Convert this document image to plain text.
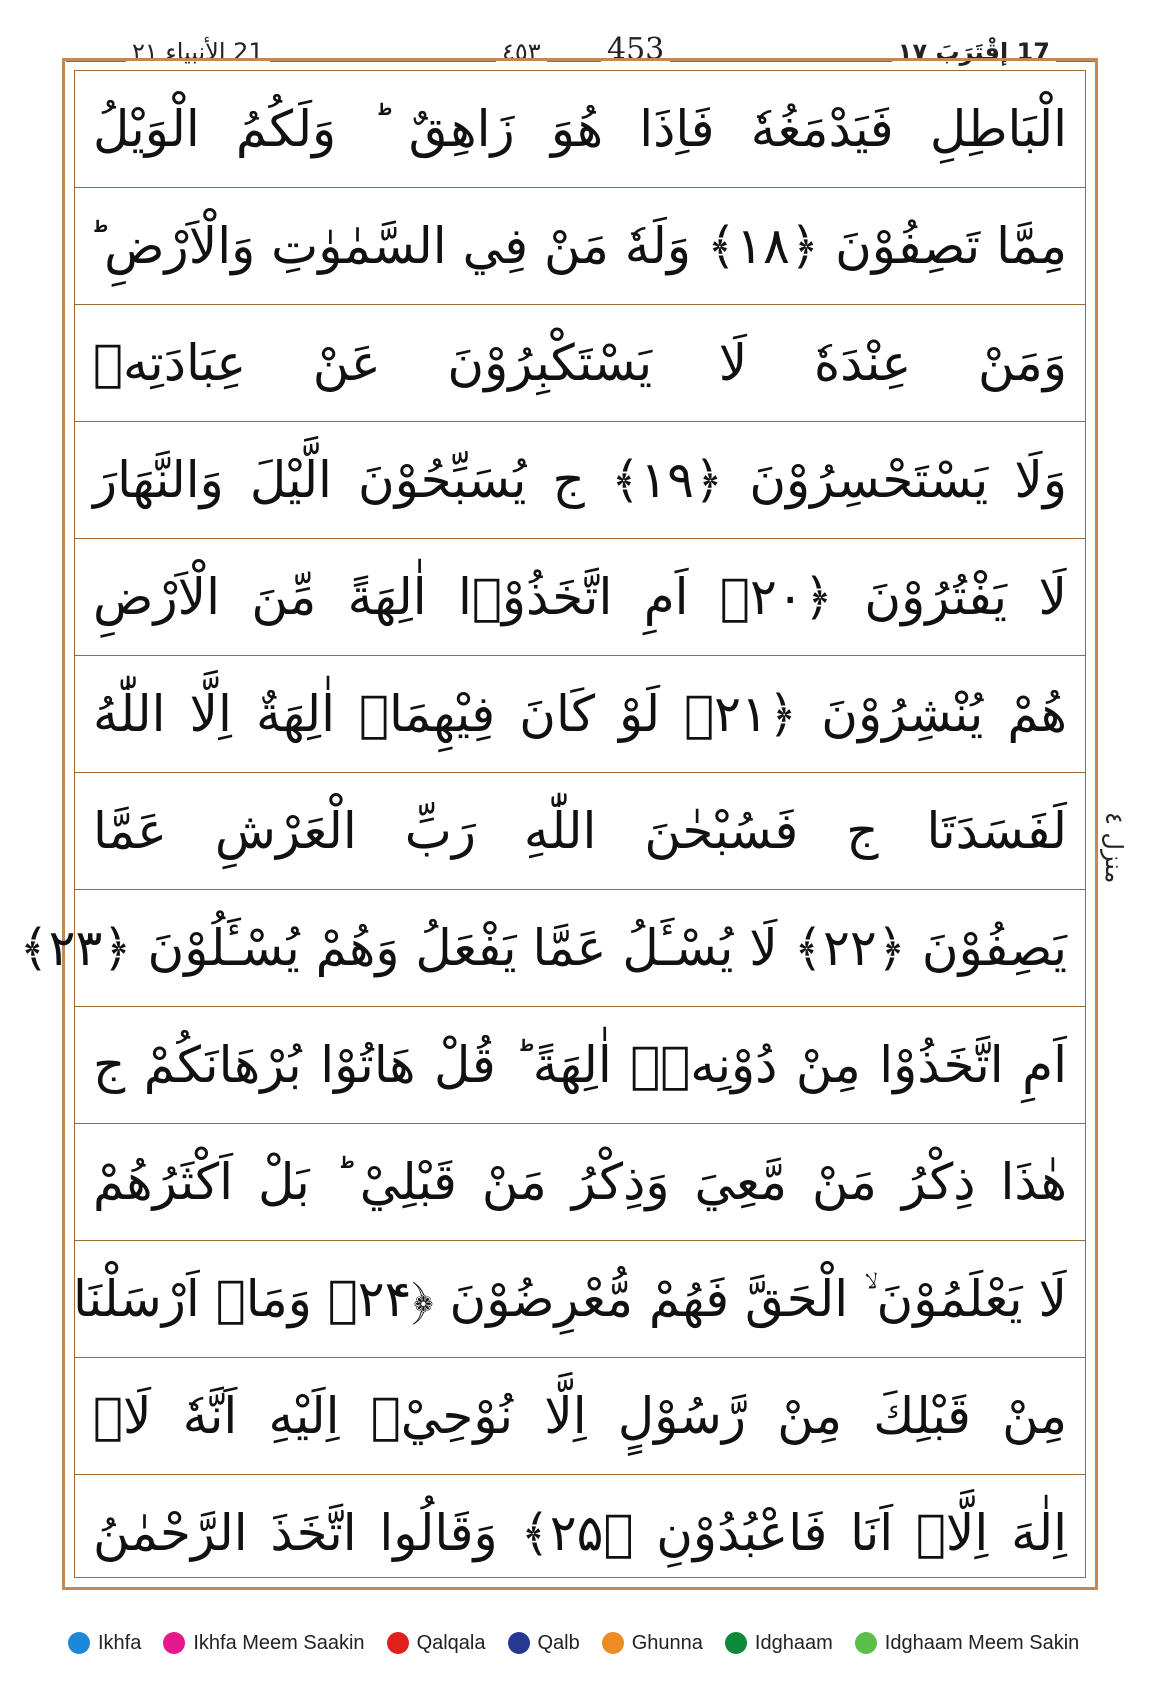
17 إقْتَرَبَ ١٧
٤٥٣ 453
21 الأنبياء ٢١
الْبَاطِلِ فَيَدْمَغُهٗ فَاِذَا هُوَ زَاهِقٌ ؕ وَلَكُمُ الْوَيْلُ
مِمَّا تَصِفُوْنَ ﴿۱۸﴾ وَلَهٗ مَنْ فِي السَّمٰوٰتِ وَالْاَرْضِ ؕ
وَمَنْ عِنْدَهٗ لَا يَسْتَكْبِرُوْنَ عَنْ عِبَادَتِهٖ
وَلَا يَسْتَحْسِرُوْنَ ﴿۱۹﴾ ج يُسَبِّحُوْنَ الَّيْلَ وَالنَّهَارَ
لَا يَفْتُرُوْنَ ﴿۲۰﴾ اَمِ اتَّخَذُوْۤا اٰلِهَةً مِّنَ الْاَرْضِ
هُمْ يُنْشِرُوْنَ ﴿۲۱﴾ لَوْ كَانَ فِيْهِمَاۤ اٰلِهَةٌ اِلَّا اللّٰهُ
لَفَسَدَتَا ج فَسُبْحٰنَ اللّٰهِ رَبِّ الْعَرْشِ عَمَّا
يَصِفُوْنَ ﴿۲۲﴾ لَا يُسْـَٔلُ عَمَّا يَفْعَلُ وَهُمْ يُسْـَٔلُوْنَ ﴿۲۳﴾
اَمِ اتَّخَذُوْا مِنْ دُوْنِهٖۤ اٰلِهَةً ؕ قُلْ هَاتُوْا بُرْهَانَكُمْ ج
هٰذَا ذِكْرُ مَنْ مَّعِيَ وَذِكْرُ مَنْ قَبْلِيْ ؕ بَلْ اَكْثَرُهُمْ
لَا يَعْلَمُوْنَ ۙ الْحَقَّ فَهُمْ مُّعْرِضُوْنَ ﴿۲۴﴾ وَمَاۤ اَرْسَلْنَا
مِنْ قَبْلِكَ مِنْ رَّسُوْلٍ اِلَّا نُوْحِيْۤ اِلَيْهِ اَنَّهٗ لَاۤ
اِلٰهَ اِلَّاۤ اَنَا فَاعْبُدُوْنِ ﴿۲۵﴾ وَقَالُوا اتَّخَذَ الرَّحْمٰنُ
منزل ٤
Ikhfa	Ikhfa Meem Saakin	Qalqala	Qalb	Ghunna	Idghaam	Idghaam Meem Sakin
